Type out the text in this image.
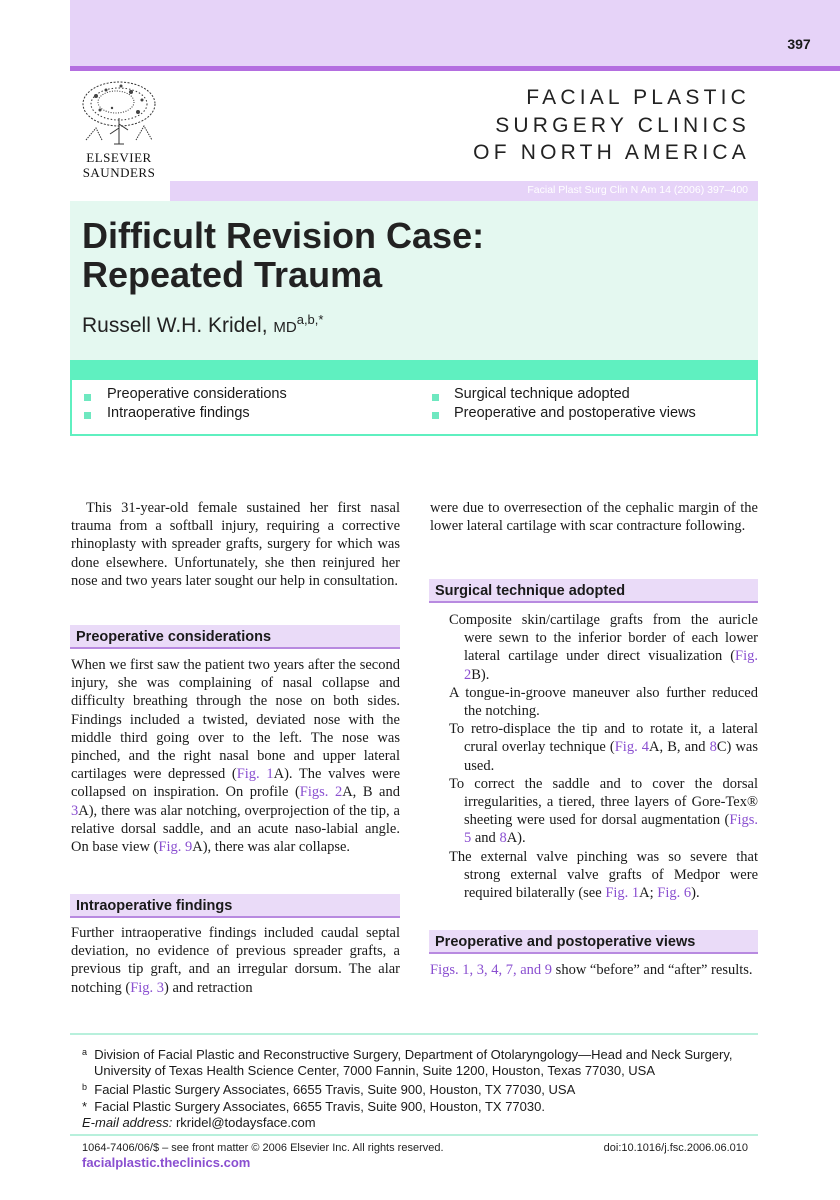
397
ELSEVIER
SAUNDERS
FACIAL PLASTIC
SURGERY CLINICS
OF NORTH AMERICA
Facial Plast Surg Clin N Am 14 (2006) 397–400
Difficult Revision Case:
Repeated Trauma
Russell W.H. Kridel, $MD^{a,b,*}$
Preoperative considerations
Intraoperative findings
Surgical technique adopted
Preoperative and postoperative views

This 31-year-old female sustained her first nasal trauma from a softball injury, requiring a corrective rhinoplasty with spreader grafts, surgery for which was done elsewhere. Unfortunately, she then reinjured her nose and two years later sought our help in consultation.

Preoperative considerations

When we first saw the patient two years after the second injury, she was complaining of nasal collapse and difficulty breathing through the nose on both sides. Findings included a twisted, deviated nose with the middle third going over to the left. The nose was pinched, and the right nasal bone and upper lateral cartilages were depressed (Fig. 1A). The valves were collapsed on inspiration. On profile (Figs. 2A, B and 3A), there was alar notching, overprojection of the tip, a relative dorsal saddle, and an acute naso-labial angle. On base view (Fig. 9A), there was alar collapse.

Intraoperative findings

Further intraoperative findings included caudal septal deviation, no evidence of previous spreader grafts, a previous tip graft, and an irregular dorsum. The alar notching (Fig. 3) and retraction

were due to overresection of the cephalic margin of the lower lateral cartilage with scar contracture following.

Surgical technique adopted

Composite skin/cartilage grafts from the auricle were sewn to the inferior border of each lower lateral cartilage under direct visualization (Fig. 2B).

A tongue-in-groove maneuver also further reduced the notching.

To retro-displace the tip and to rotate it, a lateral crural overlay technique (Fig. 4A, B, and 8C) was used.

To correct the saddle and to cover the dorsal irregularities, a tiered, three layers of Gore-Tex® sheeting were used for dorsal augmentation (Figs. 5 and 8A).

The external valve pinching was so severe that strong external valve grafts of Medpor were required bilaterally (see Fig. 1A; Fig. 6).

Preoperative and postoperative views

Figs. 1, 3, 4, 7, and 9 show “before” and “after” results.

$^a$ Division of Facial Plastic and Reconstructive Surgery, Department of Otolaryngology—Head and Neck Surgery, University of Texas Health Science Center, 7000 Fannin, Suite 1200, Houston, Texas 77030, USA
$^b$ Facial Plastic Surgery Associates, 6655 Travis, Suite 900, Houston, TX 77030, USA
* Facial Plastic Surgery Associates, 6655 Travis, Suite 900, Houston, TX 77030.
E-mail address: rkridel@todaysface.com
1064-7406/06/$ – see front matter © 2006 Elsevier Inc. All rights reserved.	doi:10.1016/j.fsc.2006.06.010
facialplastic.theclinics.com
